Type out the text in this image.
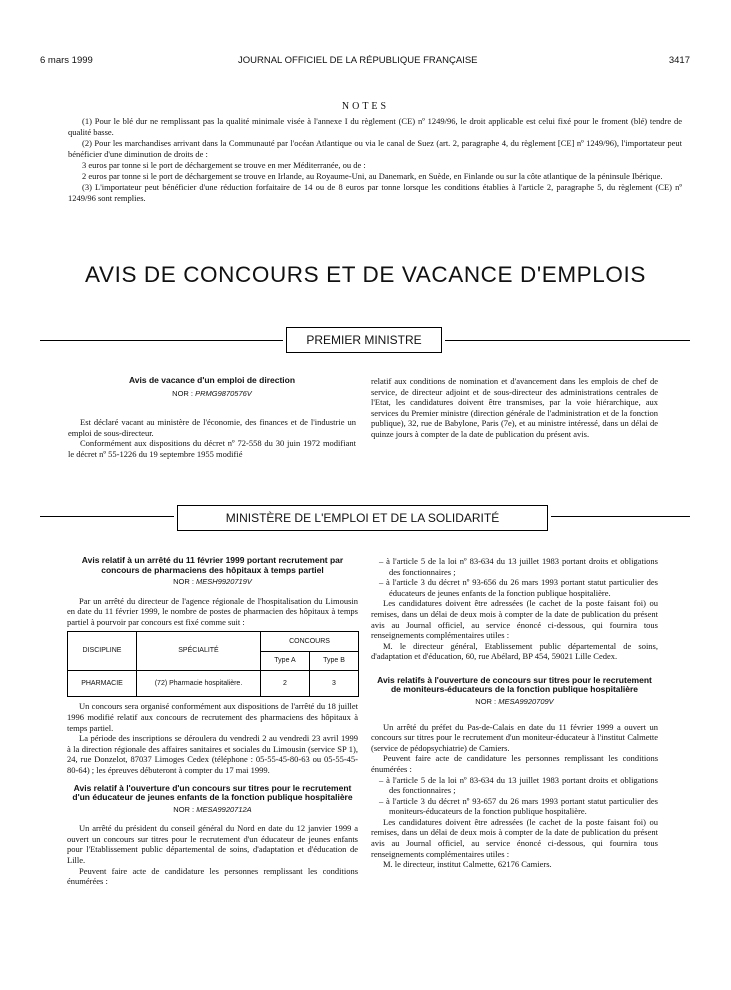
6 mars 1999	JOURNAL OFFICIEL DE LA RÉPUBLIQUE FRANÇAISE	3417
NOTES

(1) Pour le blé dur ne remplissant pas la qualité minimale visée à l'annexe I du règlement (CE) nº 1249/96, le droit applicable est celui fixé pour le froment (blé) tendre de qualité basse.

(2) Pour les marchandises arrivant dans la Communauté par l'océan Atlantique ou via le canal de Suez (art. 2, paragraphe 4, du règlement [CE] nº 1249/96), l'importateur peut bénéficier d'une diminution de droits de :

3 euros par tonne si le port de déchargement se trouve en mer Méditerranée, ou de :

2 euros par tonne si le port de déchargement se trouve en Irlande, au Royaume-Uni, au Danemark, en Suède, en Finlande ou sur la côte atlantique de la péninsule Ibérique.

(3) L'importateur peut bénéficier d'une réduction forfaitaire de 14 ou de 8 euros par tonne lorsque les conditions établies à l'article 2, paragraphe 5, du règlement (CE) nº 1249/96 sont remplies.

AVIS DE CONCOURS ET DE VACANCE D'EMPLOIS
PREMIER MINISTRE
Avis de vacance d'un emploi de direction
NOR : PRMG9870576V

Est déclaré vacant au ministère de l'économie, des finances et de l'industrie un emploi de sous-directeur.

Conformément aux dispositions du décret nº 72-558 du 30 juin 1972 modifiant le décret nº 55-1226 du 19 septembre 1955 modifié

relatif aux conditions de nomination et d'avancement dans les emplois de chef de service, de directeur adjoint et de sous-directeur des administrations centrales de l'Etat, les candidatures doivent être transmises, par la voie hiérarchique, aux services du Premier ministre (direction générale de l'administration et de la fonction publique), 32, rue de Babylone, Paris (7e), et au ministre intéressé, dans un délai de quinze jours à compter de la date de publication du présent avis.

MINISTÈRE DE L'EMPLOI ET DE LA SOLIDARITÉ
Avis relatif à un arrêté du 11 février 1999 portant recrutement par concours de pharmaciens des hôpitaux à temps partiel
NOR : MESH9920719V

Par un arrêté du directeur de l'agence régionale de l'hospitalisation du Limousin en date du 11 février 1999, le nombre de postes de pharmacien des hôpitaux à temps partiel à pourvoir par concours est fixé comme suit :

DISCIPLINE	SPÉCIALITÉ	CONCOURS	
		Type A	Type B
PHARMACIE	(72) Pharmacie hospitalière.	2	3

Un concours sera organisé conformément aux dispositions de l'arrêté du 18 juillet 1996 modifié relatif aux concours de recrutement des pharmaciens des hôpitaux à temps partiel.

La période des inscriptions se déroulera du vendredi 2 au vendredi 23 avril 1999 à la direction régionale des affaires sanitaires et sociales du Limousin (service SP 1), 24, rue Donzelot, 87037 Limoges Cedex (téléphone : 05-55-45-80-63 ou 05-55-45-80-64) ; les épreuves débuteront à compter du 17 mai 1999.

Avis relatif à l'ouverture d'un concours sur titres pour le recrutement d'un éducateur de jeunes enfants de la fonction publique hospitalière
NOR : MESA9920712A

Un arrêté du président du conseil général du Nord en date du 12 janvier 1999 a ouvert un concours sur titres pour le recrutement d'un éducateur de jeunes enfants pour l'Etablissement public départemental de soins, d'adaptation et d'éducation de Lille.

Peuvent faire acte de candidature les personnes remplissant les conditions énumérées :

– à l'article 5 de la loi nº 83-634 du 13 juillet 1983 portant droits et obligations des fonctionnaires ;

– à l'article 3 du décret nº 93-656 du 26 mars 1993 portant statut particulier des éducateurs de jeunes enfants de la fonction publique hospitalière.

Les candidatures doivent être adressées (le cachet de la poste faisant foi) ou remises, dans un délai de deux mois à compter de la date de publication du présent avis au Journal officiel, au service énoncé ci-dessous, qui fournira tous renseignements complémentaires utiles :

M. le directeur général, Etablissement public départemental de soins, d'adaptation et d'éducation, 60, rue Abélard, BP 454, 59021 Lille Cedex.

Avis relatifs à l'ouverture de concours sur titres pour le recrutement de moniteurs-éducateurs de la fonction publique hospitalière
NOR : MESA9920709V

Un arrêté du préfet du Pas-de-Calais en date du 11 février 1999 a ouvert un concours sur titres pour le recrutement d'un moniteur-éducateur à l'institut Calmette (service de pédopsychiatrie) de Camiers.

Peuvent faire acte de candidature les personnes remplissant les conditions énumérées :

– à l'article 5 de la loi nº 83-634 du 13 juillet 1983 portant droits et obligations des fonctionnaires ;

– à l'article 3 du décret nº 93-657 du 26 mars 1993 portant statut particulier des moniteurs-éducateurs de la fonction publique hospitalière.

Les candidatures doivent être adressées (le cachet de la poste faisant foi) ou remises, dans un délai de deux mois à compter de la date de publication du présent avis au Journal officiel, au service énoncé ci-dessous, qui fournira tous renseignements complémentaires utiles :

M. le directeur, institut Calmette, 62176 Camiers.
